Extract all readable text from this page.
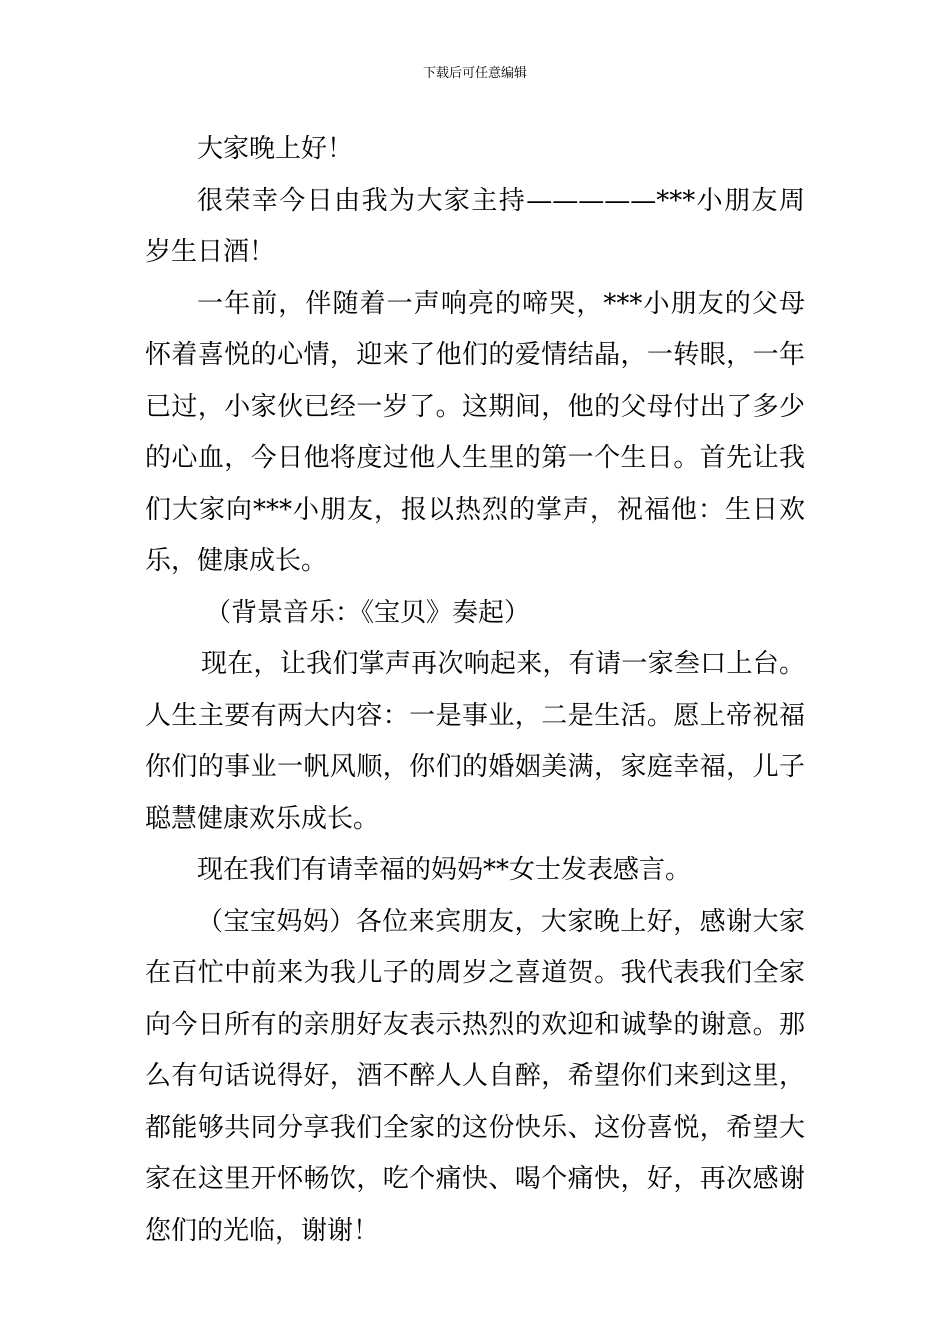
下载后可任意编辑

大家晚上好！

很荣幸今日由我为大家主持—————***小朋友周岁生日酒！

一年前，伴随着一声响亮的啼哭，***小朋友的父母怀着喜悦的心情，迎来了他们的爱情结晶，一转眼，一年已过，小家伙已经一岁了。这期间，他的父母付出了多少的心血，今日他将度过他人生里的第一个生日。首先让我们大家向***小朋友，报以热烈的掌声，祝福他：生日欢乐，健康成长。

（背景音乐：《宝贝》奏起）

现在，让我们掌声再次响起来，有请一家叁口上台。人生主要有两大内容：一是事业，二是生活。愿上帝祝福你们的事业一帆风顺，你们的婚姻美满，家庭幸福，儿子聪慧健康欢乐成长。

现在我们有请幸福的妈妈**女士发表感言。

（宝宝妈妈）各位来宾朋友，大家晚上好，感谢大家在百忙中前来为我儿子的周岁之喜道贺。我代表我们全家向今日所有的亲朋好友表示热烈的欢迎和诚挚的谢意。那么有句话说得好，酒不醉人人自醉，希望你们来到这里，都能够共同分享我们全家的这份快乐、这份喜悦，希望大家在这里开怀畅饮，吃个痛快、喝个痛快，好，再次感谢您们的光临，谢谢！
